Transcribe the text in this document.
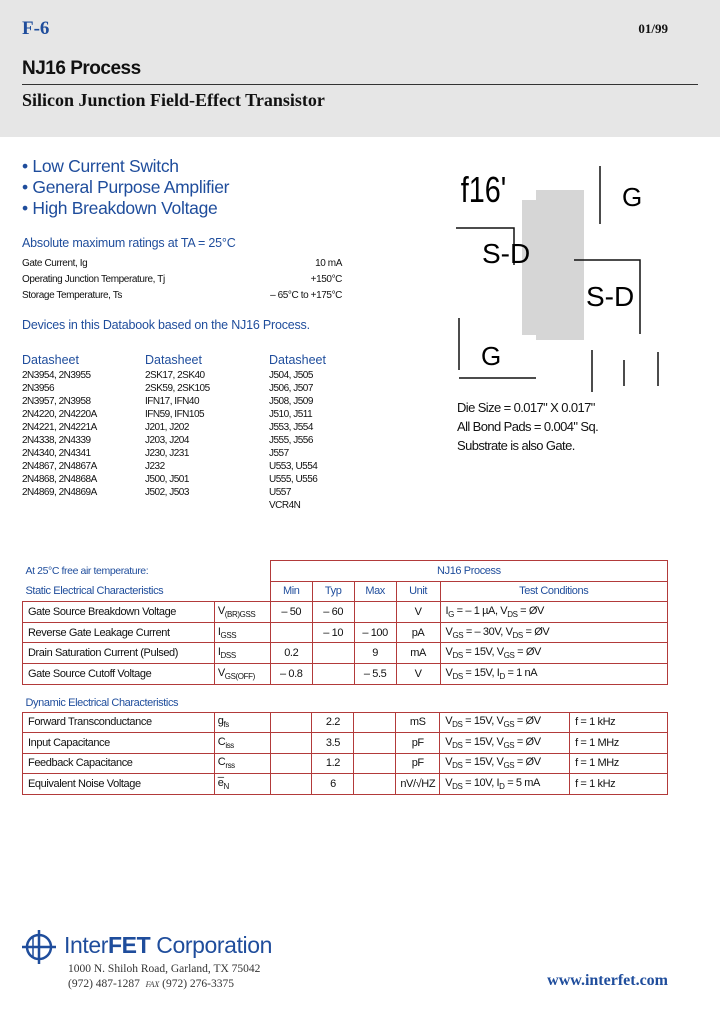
F-6	01/99
NJ16 Process
Silicon Junction Field-Effect Transistor
• Low Current Switch
• General Purpose Amplifier
• High Breakdown Voltage
Absolute maximum ratings at TA = 25°C
Gate Current, Ig	10 mA
Operating Junction Temperature, Tj	+150°C
Storage Temperature, Ts	– 65°C to +175°C
Devices in this Databook based on the NJ16 Process.
Datasheet
2N3954, 2N3955
2N3956
2N3957, 2N3958
2N4220, 2N4220A
2N4221, 2N4221A
2N4338, 2N4339
2N4340, 2N4341
2N4867, 2N4867A
2N4868, 2N4868A
2N4869, 2N4869A
Datasheet
2SK17, 2SK40
2SK59, 2SK105
IFN17, IFN40
IFN59, IFN105
J201, J202
J203, J204
J230, J231
J232
J500, J501
J502, J503
Datasheet
J504, J505
J506, J507
J508, J509
J510, J511
J553, J554
J555, J556
J557
U553, U554
U555, U556
U557
VCR4N
f16'	G
S-D
S-D
G
Die Size = 0.017" X 0.017"
All Bond Pads = 0.004" Sq.
Substrate is also Gate.
At 25°C free air temperature:		NJ16 Process				
Static Electrical Characteristics		Min	Typ	Max	Unit	Test Conditions
Gate Source Breakdown Voltage	$V_{(BR)GSS}$	– 50	– 60		V	$I_G$ = – 1 µA, $V_{DS}$ = ØV
Reverse Gate Leakage Current	$I_{GSS}$		– 10	– 100	pA	$V_{GS}$ = – 30V, $V_{DS}$ = ØV
Drain Saturation Current (Pulsed)	$I_{DSS}$	0.2		9	mA	$V_{DS} = 15V$, $V_{GS}$ = ØV
Gate Source Cutoff Voltage	$V_{GS(OFF)}$	– 0.8		– 5.5	V	$V_{DS} = 15V$, $I_D = 1$ nA
Dynamic Electrical Characteristics							
Forward Transconductance	$g_{fs}$		2.2		mS	$V_{DS} = 15V$, $V_{GS}$ = ØV	f = 1 kHz
Input Capacitance	$C_{iss}$		3.5		pF	$V_{DS} = 15V$, $V_{GS}$ = ØV	f = 1 MHz
Feedback Capacitance	$C_{rss}$		1.2		pF	$V_{DS} = 15V$, $V_{GS}$ = ØV	f = 1 MHz
Equivalent Noise Voltage	$e̅_N$		6		nV/√HZ	$V_{DS} = 10V$, $I_D = 5$ mA	f = 1 kHz
InterFET Corporation
1000 N. Shiloh Road, Garland, TX 75042
(972) 487-1287 FAX (972) 276-3375	www.interfet.com
